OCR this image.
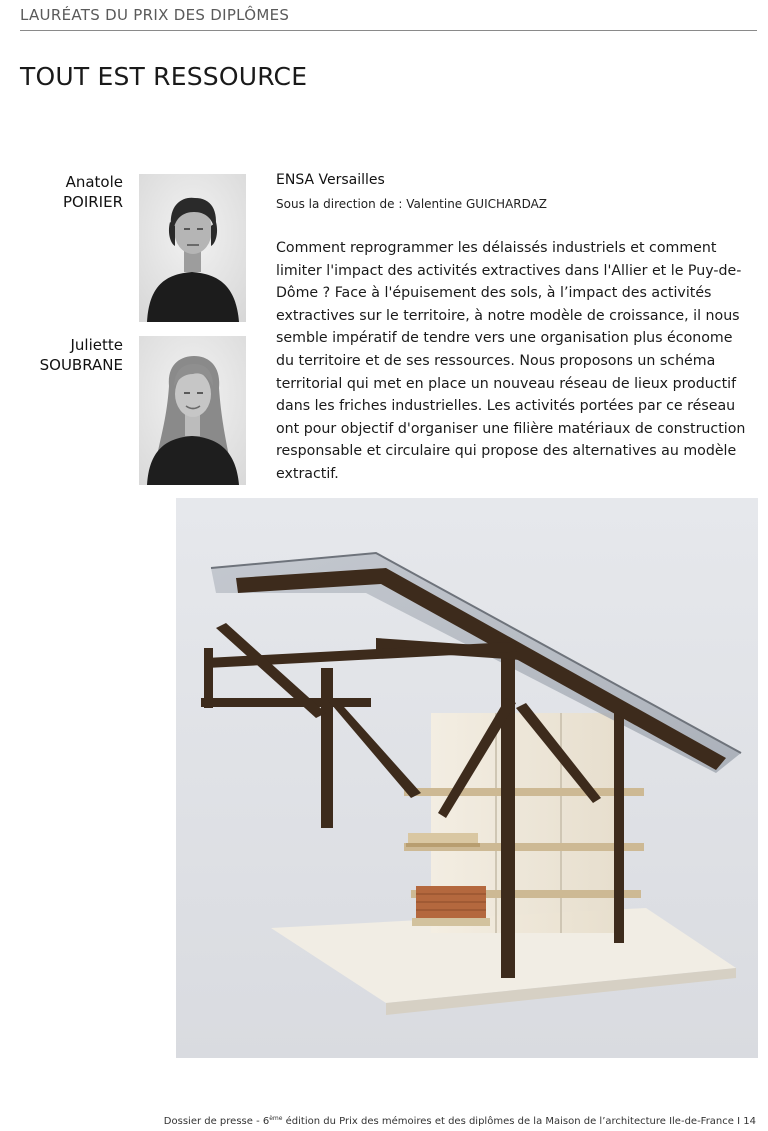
LAURÉATS DU PRIX DES DIPLÔMES
TOUT EST RESSOURCE
Anatole
POIRIER
Juliette
SOUBRANE
ENSA Versailles
Sous la direction de : Valentine GUICHARDAZ

Comment reprogrammer les délaissés industriels et comment limiter l'impact des activités extractives dans l'Allier et le Puy-de-Dôme ? Face à l'épuisement des sols, à l’impact des activités extractives sur le territoire, à notre modèle de croissance, il nous semble impératif de tendre vers une organisation plus économe du territoire et de ses ressources. Nous proposons un schéma territorial qui met en place un nouveau réseau de lieux productif dans les friches industrielles. Les activités portées par ce réseau ont pour objectif d'organiser une filière matériaux de construction responsable et circulaire qui propose des alternatives au modèle extractif.

Dossier de presse - 6ème édition du Prix des mémoires et des diplômes de la Maison de l’architecture Ile-de-France I 14
